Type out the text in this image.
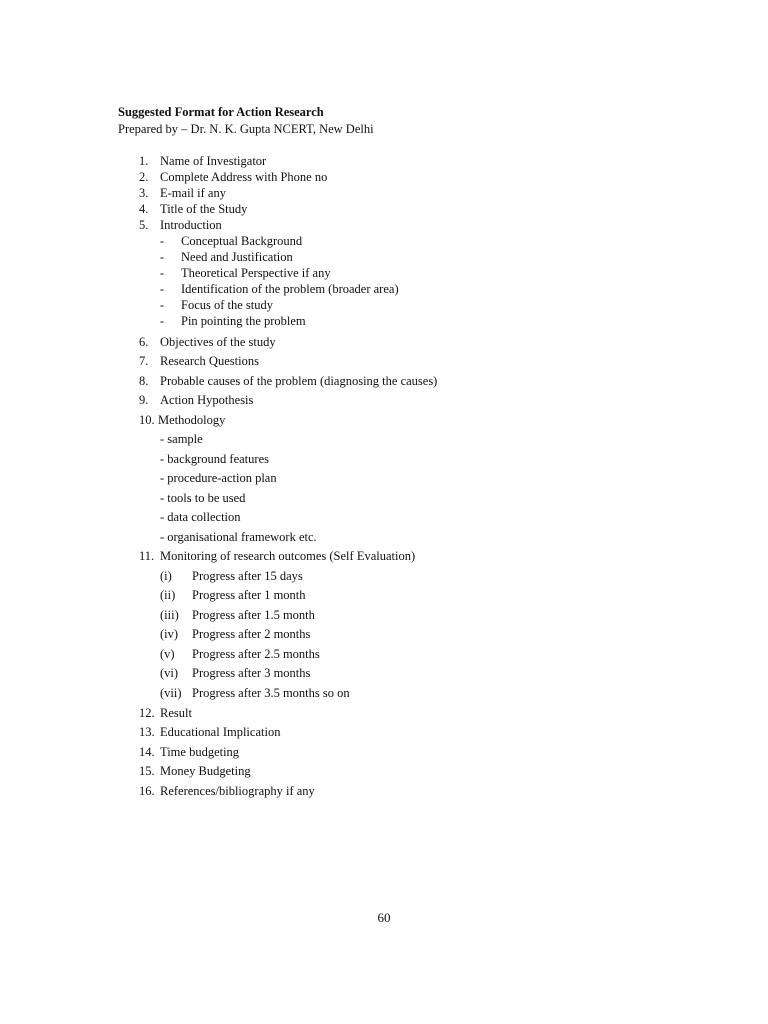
Suggested Format for Action Research
Prepared by – Dr. N. K. Gupta NCERT, New Delhi
1. Name of Investigator
2. Complete Address with Phone no
3. E-mail if any
4. Title of the Study
5. Introduction
- Conceptual Background
- Need and Justification
- Theoretical Perspective if any
- Identification of the problem (broader area)
- Focus of the study
- Pin pointing the problem
6. Objectives of the study
7. Research Questions
8. Probable causes of the problem (diagnosing the causes)
9. Action Hypothesis
10. Methodology
- sample
- background features
- procedure-action plan
- tools to be used
- data collection
- organisational framework etc.
11. Monitoring of research outcomes (Self Evaluation)
(i) Progress after 15 days
(ii) Progress after 1 month
(iii) Progress after 1.5 month
(iv) Progress after 2 months
(v) Progress after 2.5 months
(vi) Progress after 3 months
(vii) Progress after 3.5 months so on
12. Result
13. Educational Implication
14. Time budgeting
15. Money Budgeting
16. References/bibliography if any
60
